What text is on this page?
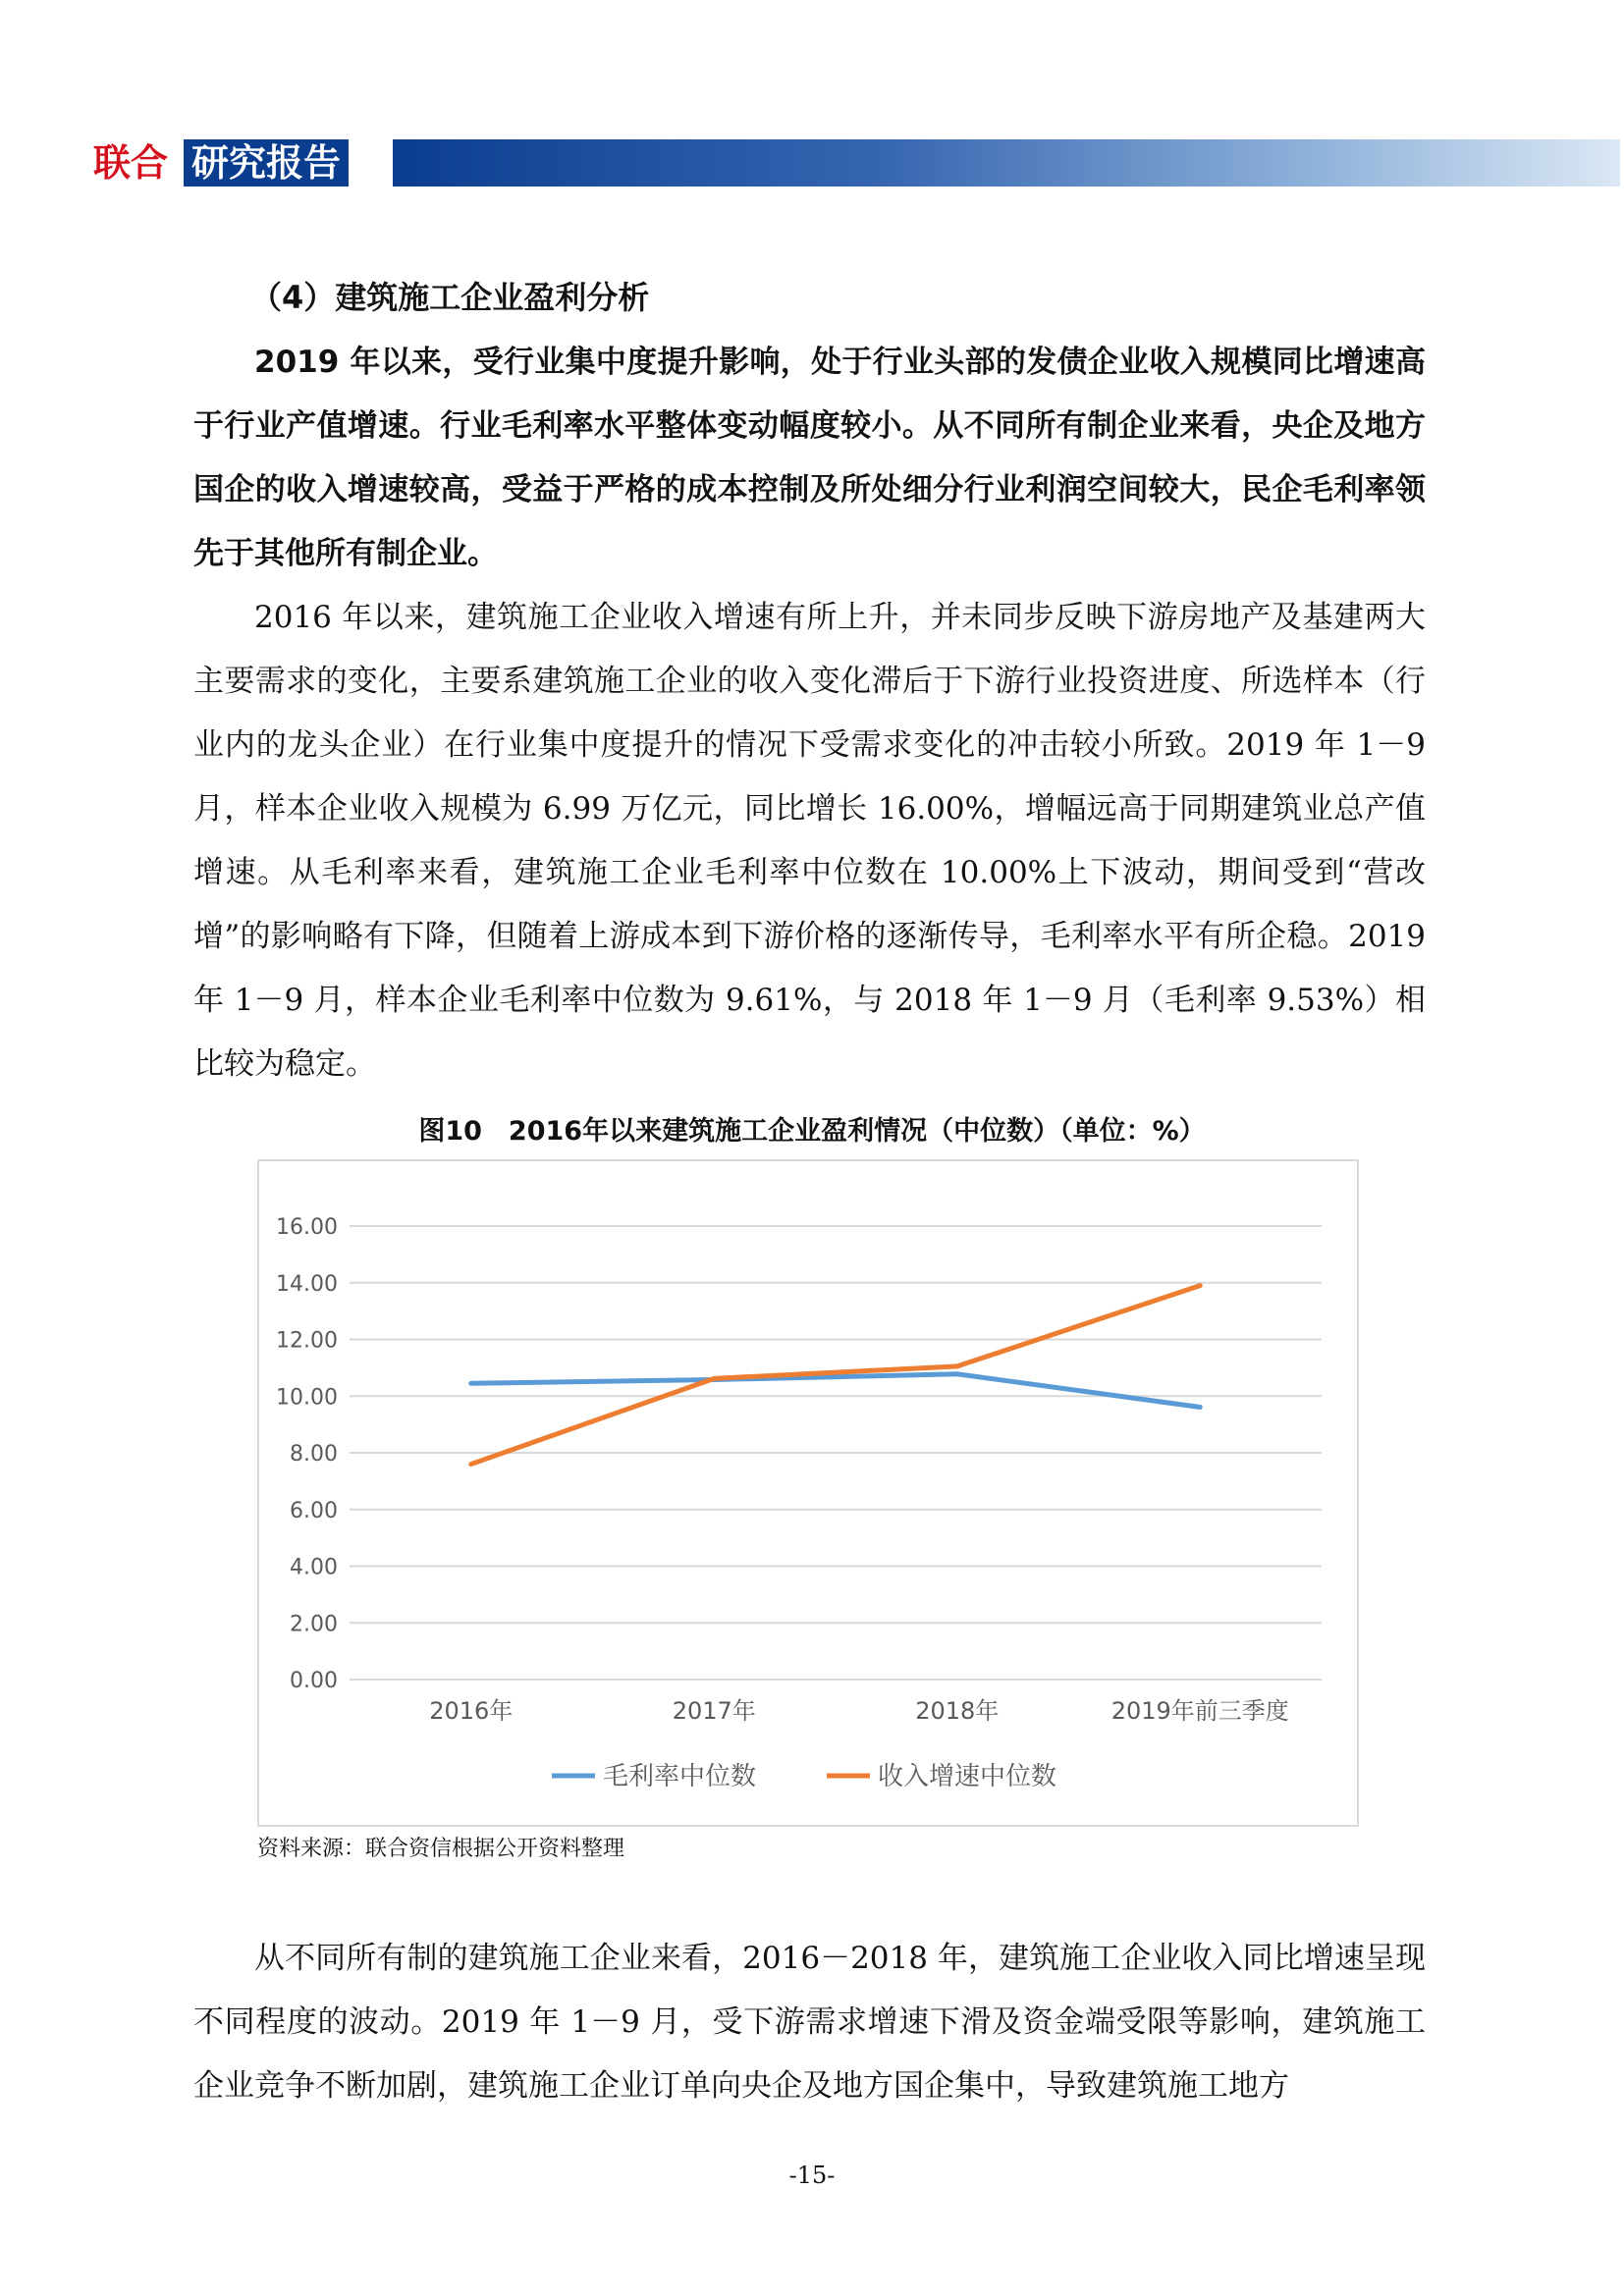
联合 研究报告
（4）建筑施工企业盈利分析

2019 年以来，受行业集中度提升影响，处于行业头部的发债企业收入规模同比增速高于行业产值增速。行业毛利率水平整体变动幅度较小。从不同所有制企业来看，央企及地方国企的收入增速较高，受益于严格的成本控制及所处细分行业利润空间较大，民企毛利率领先于其他所有制企业。

2016 年以来，建筑施工企业收入增速有所上升，并未同步反映下游房地产及基建两大主要需求的变化，主要系建筑施工企业的收入变化滞后于下游行业投资进度、所选样本（行业内的龙头企业）在行业集中度提升的情况下受需求变化的冲击较小所致。2019 年 1－9 月，样本企业收入规模为 6.99 万亿元，同比增长 16.00%，增幅远高于同期建筑业总产值增速。从毛利率来看，建筑施工企业毛利率中位数在 10.00%上下波动，期间受到“营改增”的影响略有下降，但随着上游成本到下游价格的逐渐传导，毛利率水平有所企稳。2019 年 1－9 月，样本企业毛利率中位数为 9.61%，与 2018 年 1－9 月（毛利率 9.53%）相比较为稳定。

图10　2016年以来建筑施工企业盈利情况（中位数）（单位：%）
0.00
2.00
4.00
6.00
8.00
10.00
12.00
14.00
16.00
2016年	2017年	2018年	2019年前三季度
毛利率中位数	收入增速中位数
资料来源：联合资信根据公开资料整理

从不同所有制的建筑施工企业来看，2016－2018 年，建筑施工企业收入同比增速呈现不同程度的波动。2019 年 1－9 月，受下游需求增速下滑及资金端受限等影响，建筑施工企业竞争不断加剧，建筑施工企业订单向央企及地方国企集中，导致建筑施工地方

-15-
